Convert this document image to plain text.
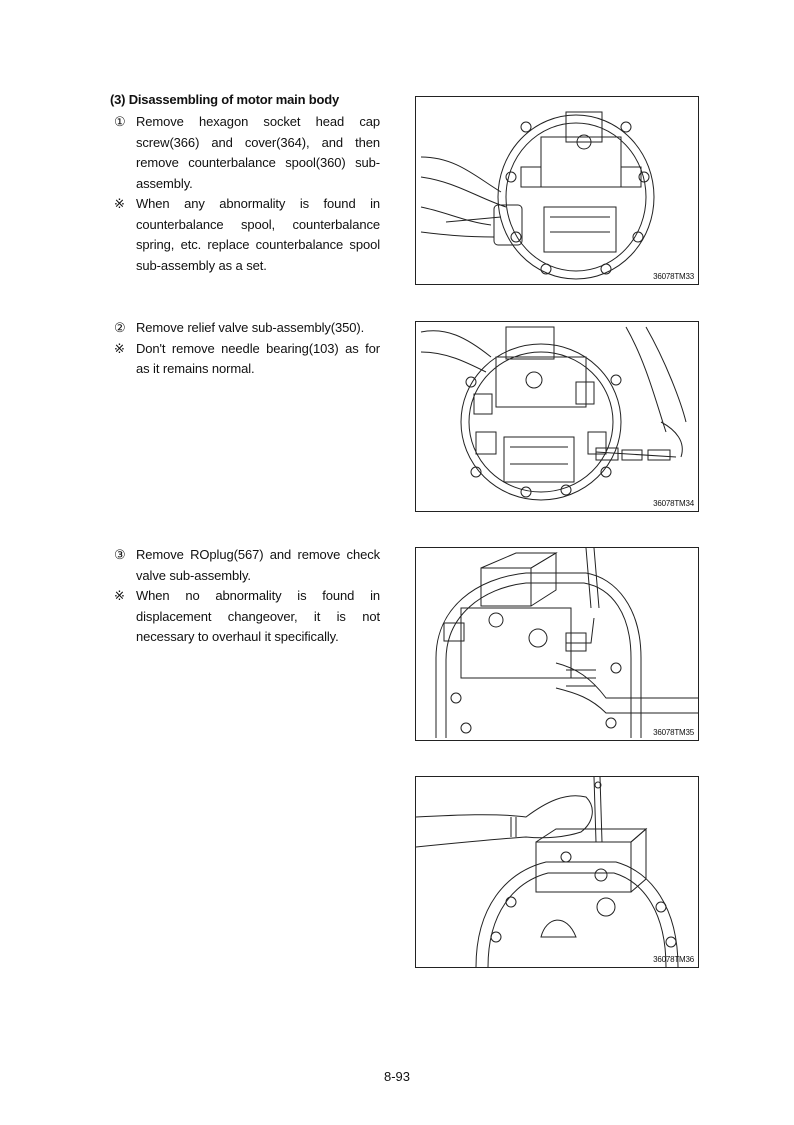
(3) Disassembling of motor main body
① Remove hexagon socket head cap screw(366) and cover(364), and then remove counterbalance spool(360) sub-assembly.
※ When any abnormality is found in counterbalance spool, counterbalance spring, etc. replace counterbalance spool sub-assembly as a set.
② Remove relief valve sub-assembly(350).
※ Don't remove needle bearing(103) as for as it remains normal.
③ Remove ROplug(567) and remove check valve sub-assembly.
※ When no abnormality is found in displacement changeover, it is not necessary to overhaul it specifically.
36078TM33
36078TM34
36078TM35
36078TM36
8-93
